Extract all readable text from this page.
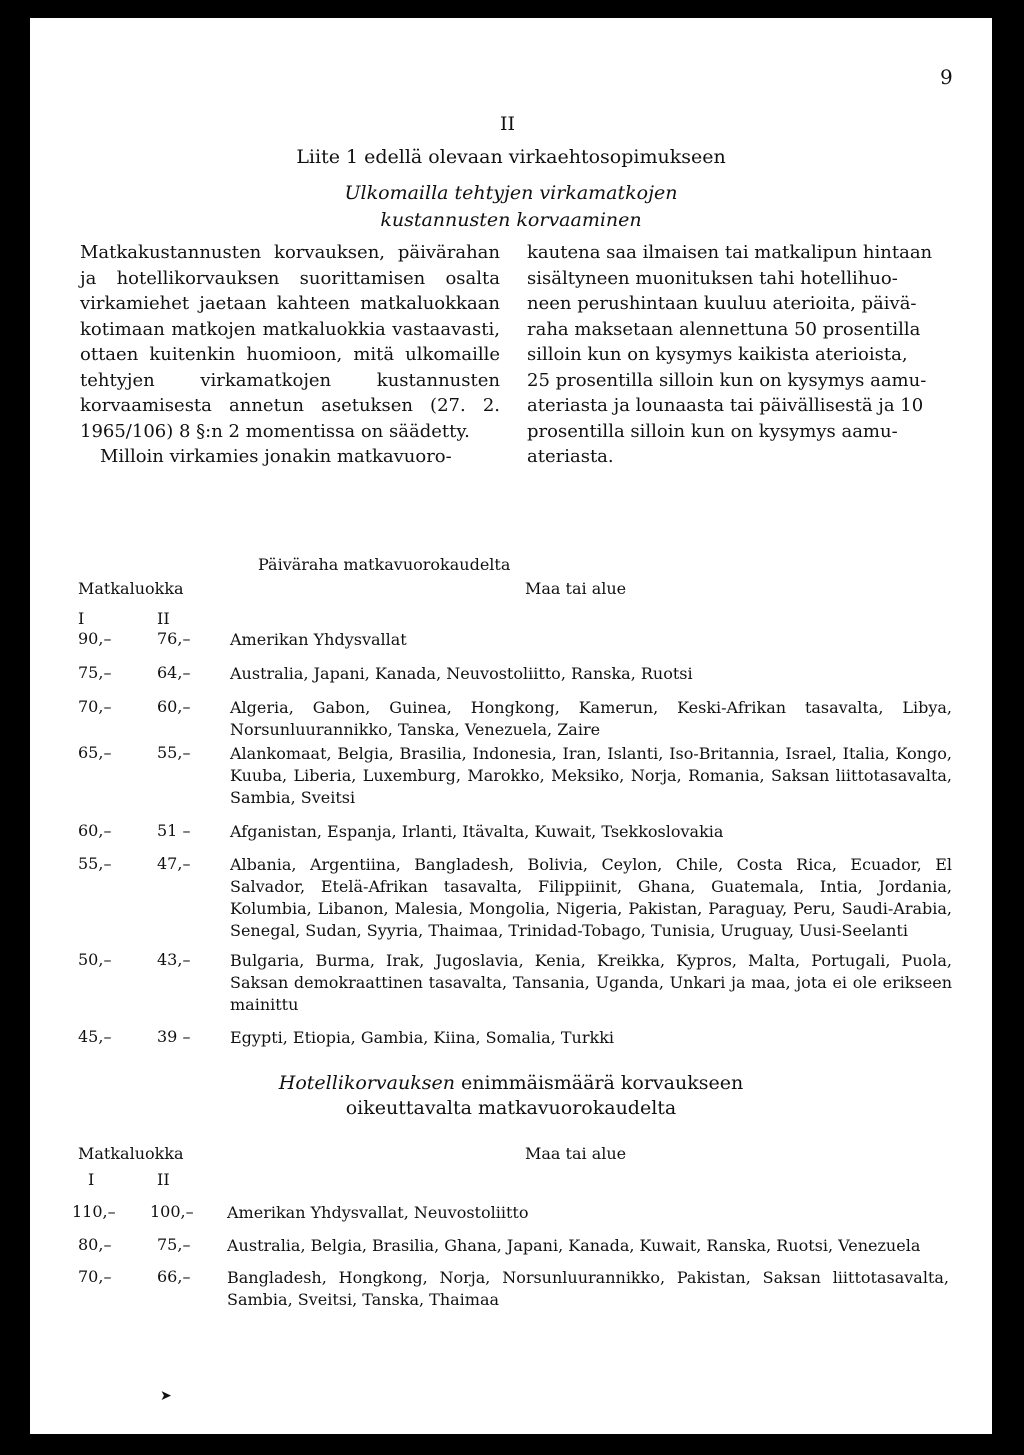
9
II
Liite 1 edellä olevaan virkaehtosopimukseen
Ulkomailla tehtyjen virkamatkojen
kustannusten korvaaminen

Matkakustannusten korvauksen, päivärahan ja hotellikorvauksen suorittamisen osalta virkamiehet jaetaan kahteen matkaluokkaan kotimaan matkojen matkaluokkia vastaavasti, ottaen kuitenkin huomioon, mitä ulkomaille tehtyjen virkamatkojen kustannusten korvaamisesta annetun asetuksen (27. 2. 1965/106) 8 §:n 2 momentissa on säädetty.

Milloin virkamies jonakin matkavuoro-

kautena saa ilmaisen tai matkalipun hintaan
sisältyneen muonituksen tahi hotellihuo-
neen perushintaan kuuluu aterioita, päivä-
raha maksetaan alennettuna 50 prosentilla
silloin kun on kysymys kaikista aterioista,
25 prosentilla silloin kun on kysymys aamu-
ateriasta ja lounaasta tai päivällisestä ja 10
prosentilla silloin kun on kysymys aamu-
ateriasta.
Päiväraha matkavuorokaudelta
Matkaluokka	Maa tai alue
I	II
90,–	76,– Amerikan Yhdysvallat
75,–	64,– Australia, Japani, Kanada, Neuvostoliitto, Ranska, Ruotsi
70,–	60,– Algeria, Gabon, Guinea, Hongkong, Kamerun, Keski-Afrikan tasavalta, Libya, Norsunluurannikko, Tanska, Venezuela, Zaire
65,–	55,– Alankomaat, Belgia, Brasilia, Indonesia, Iran, Islanti, Iso-Britannia, Israel, Italia, Kongo, Kuuba, Liberia, Luxemburg, Marokko, Meksiko, Norja, Romania, Saksan liittotasavalta, Sambia, Sveitsi
60,–	51 – Afganistan, Espanja, Irlanti, Itävalta, Kuwait, Tsekkoslovakia
55,–	47,– Albania, Argentiina, Bangladesh, Bolivia, Ceylon, Chile, Costa Rica, Ecuador, El Salvador, Etelä-Afrikan tasavalta, Filippiinit, Ghana, Guatemala, Intia, Jordania, Kolumbia, Libanon, Malesia, Mongolia, Nigeria, Pakistan, Paraguay, Peru, Saudi-Arabia, Senegal, Sudan, Syyria, Thaimaa, Trinidad-Tobago, Tunisia, Uruguay, Uusi-Seelanti
50,–	43,– Bulgaria, Burma, Irak, Jugoslavia, Kenia, Kreikka, Kypros, Malta, Portugali, Puola, Saksan demokraattinen tasavalta, Tansania, Uganda, Unkari ja maa, jota ei ole erikseen mainittu
45,–	39 – Egypti, Etiopia, Gambia, Kiina, Somalia, Turkki
Hotellikorvauksen enimmäismäärä korvaukseen
oikeuttavalta matkavuorokaudelta
Matkaluokka	Maa tai alue
I	II
110,– 100,– Amerikan Yhdysvallat, Neuvostoliitto
80,–	75,– Australia, Belgia, Brasilia, Ghana, Japani, Kanada, Kuwait, Ranska, Ruotsi, Venezuela
70,–	66,– Bangladesh, Hongkong, Norja, Norsunluurannikko, Pakistan, Saksan liittotasavalta, Sambia, Sveitsi, Tanska, Thaimaa
➤
